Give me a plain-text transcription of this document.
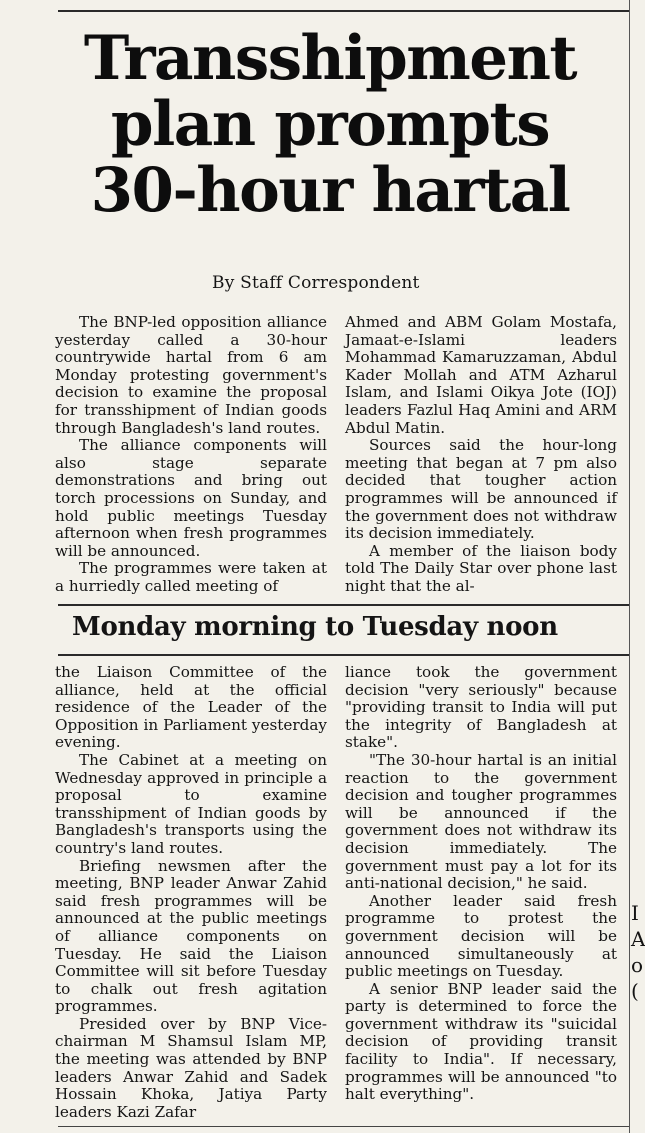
Transshipment
plan prompts
30-hour hartal

By Staff Correspondent

The BNP-led opposition alliance yesterday called a 30-hour countrywide hartal from 6 am Monday protesting government's decision to examine the proposal for transshipment of Indian goods through Bangladesh's land routes.

The alliance components will also stage separate demonstrations and bring out torch processions on Sunday, and hold public meetings Tuesday afternoon when fresh programmes will be announced.

The programmes were taken at a hurriedly called meeting of

Ahmed and ABM Golam Mostafa, Jamaat-e-Islami leaders Mohammad Kamaruzzaman, Abdul Kader Mollah and ATM Azharul Islam, and Islami Oikya Jote (IOJ) leaders Fazlul Haq Amini and ARM Abdul Matin.

Sources said the hour-long meeting that began at 7 pm also decided that tougher action programmes will be announced if the government does not withdraw its decision immediately.

A member of the liaison body told The Daily Star over phone last night that the al-

Monday morning to Tuesday noon

the Liaison Committee of the alliance, held at the official residence of the Leader of the Opposition in Parliament yesterday evening.

The Cabinet at a meeting on Wednesday approved in principle a proposal to examine transshipment of Indian goods by Bangladesh's transports using the country's land routes.

Briefing newsmen after the meeting, BNP leader Anwar Zahid said fresh programmes will be announced at the public meetings of alliance components on Tuesday. He said the Liaison Committee will sit before Tuesday to chalk out fresh agitation programmes.

Presided over by BNP Vice-chairman M Shamsul Islam MP, the meeting was attended by BNP leaders Anwar Zahid and Sadek Hossain Khoka, Jatiya Party leaders Kazi Zafar

liance took the government decision "very seriously" because "providing transit to India will put the integrity of Bangladesh at stake".

"The 30-hour hartal is an initial reaction to the government decision and tougher programmes will be announced if the government does not withdraw its decision immediately. The government must pay a lot for its anti-national decision," he said.

Another leader said fresh programme to protest the government decision will be announced simultaneously at public meetings on Tuesday.

A senior BNP leader said the party is determined to force the government withdraw its "suicidal decision of providing transit facility to India". If necessary, programmes will be announced "to halt everything".

I
A
o
(
